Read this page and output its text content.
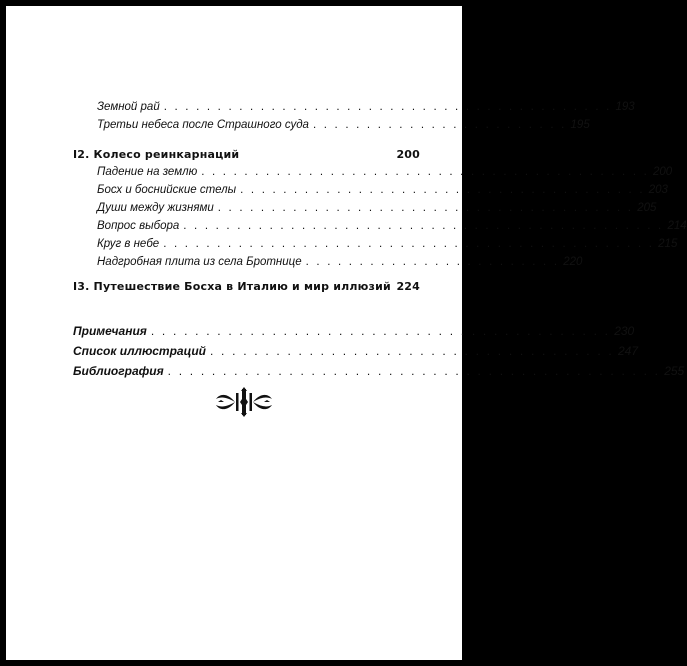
Земной рай . . . . . . . . . . . . . . . . . . . . . . . . . . . . . . . . . . . . . . . . . . 193
Третьи небеса после Страшного суда . . . . . . . . . . . . . . . . . . . . . . . . 195
I2. Колесо реинкарнаций	200
Падение на землю . . . . . . . . . . . . . . . . . . . . . . . . . . . . . . . . . . . . . . . . . . 200
Босх и боснийские стелы . . . . . . . . . . . . . . . . . . . . . . . . . . . . . . . . . . . . . . 203
Души между жизнями . . . . . . . . . . . . . . . . . . . . . . . . . . . . . . . . . . . . . . . 205
Вопрос выбора . . . . . . . . . . . . . . . . . . . . . . . . . . . . . . . . . . . . . . . . . . . . . 214
Круг в небе . . . . . . . . . . . . . . . . . . . . . . . . . . . . . . . . . . . . . . . . . . . . . . 215
Надгробная плита из села Бротнице . . . . . . . . . . . . . . . . . . . . . . . . 220
I3. Путешествие Босха в Италию и мир иллюзий 224
Примечания . . . . . . . . . . . . . . . . . . . . . . . . . . . . . . . . . . . . . . . . . . 230
Список иллюстраций . . . . . . . . . . . . . . . . . . . . . . . . . . . . . . . . . . . . . 247
Библиография . . . . . . . . . . . . . . . . . . . . . . . . . . . . . . . . . . . . . . . . . . . . . 255
